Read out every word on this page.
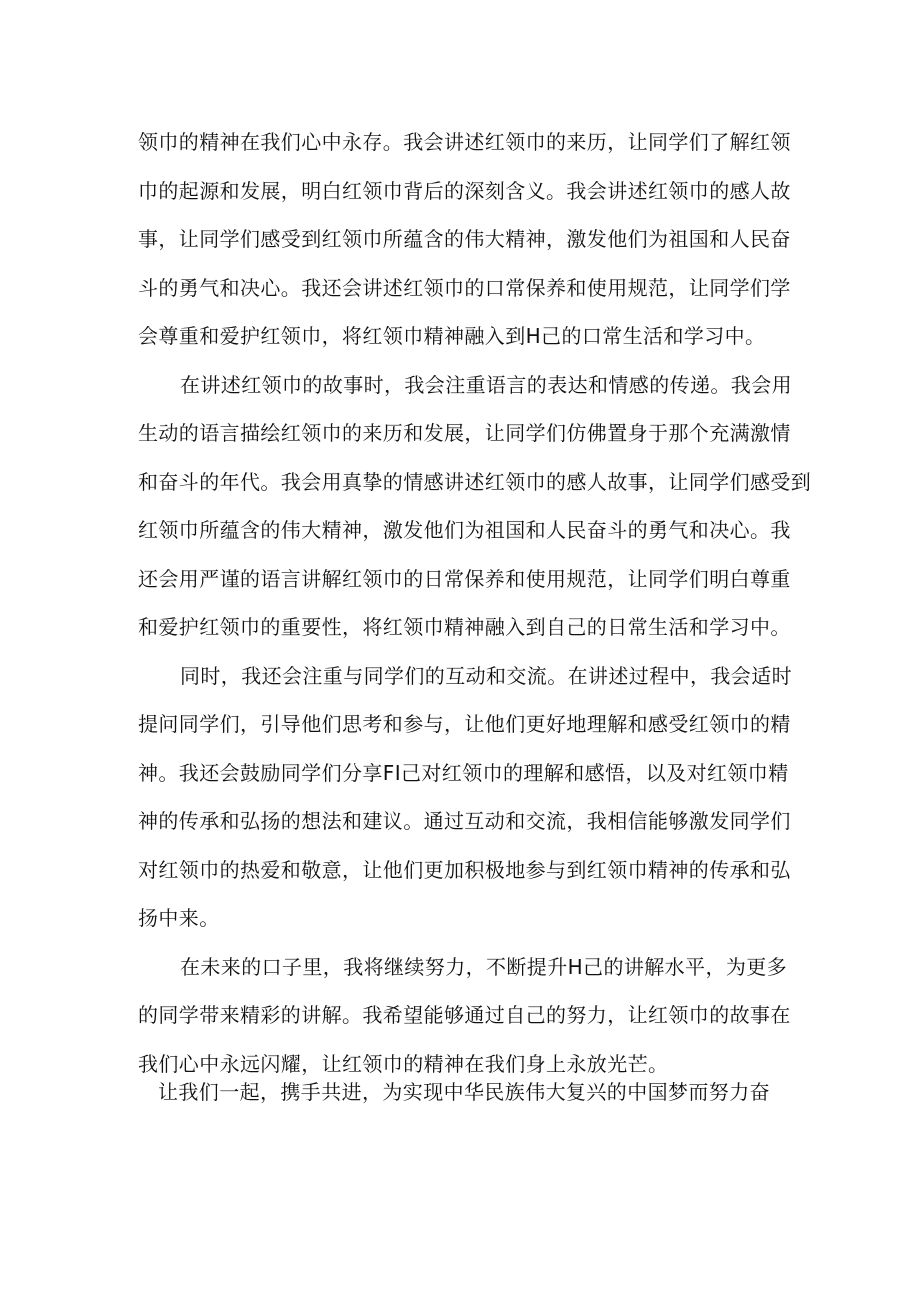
领巾的精神在我们心中永存。我会讲述红领巾的来历，让同学们了解红领
巾的起源和发展，明白红领巾背后的深刻含义。我会讲述红领巾的感人故
事，让同学们感受到红领巾所蕴含的伟大精神，激发他们为祖国和人民奋
斗的勇气和决心。我还会讲述红领巾的口常保养和使用规范，让同学们学
会尊重和爱护红领巾，将红领巾精神融入到H己的口常生活和学习中。
在讲述红领巾的故事时，我会注重语言的表达和情感的传递。我会用
生动的语言描绘红领巾的来历和发展，让同学们仿佛置身于那个充满激情
和奋斗的年代。我会用真挚的情感讲述红领巾的感人故事，让同学们感受到
红领巾所蕴含的伟大精神，激发他们为祖国和人民奋斗的勇气和决心。我
还会用严谨的语言讲解红领巾的日常保养和使用规范，让同学们明白尊重
和爱护红领巾的重要性，将红领巾精神融入到自己的日常生活和学习中。
同时，我还会注重与同学们的互动和交流。在讲述过程中，我会适时
提问同学们，引导他们思考和参与，让他们更好地理解和感受红领巾的精
神。我还会鼓励同学们分享FI己对红领巾的理解和感悟，以及对红领巾精
神的传承和弘扬的想法和建议。通过互动和交流，我相信能够激发同学们
对红领巾的热爱和敬意，让他们更加积极地参与到红领巾精神的传承和弘
扬中来。
在未来的口子里，我将继续努力，不断提升H己的讲解水平，为更多
的同学带来精彩的讲解。我希望能够通过自己的努力，让红领巾的故事在
我们心中永远闪耀，让红领巾的精神在我们身上永放光芒。
让我们一起，携手共进，为实现中华民族伟大复兴的中国梦而努力奋
